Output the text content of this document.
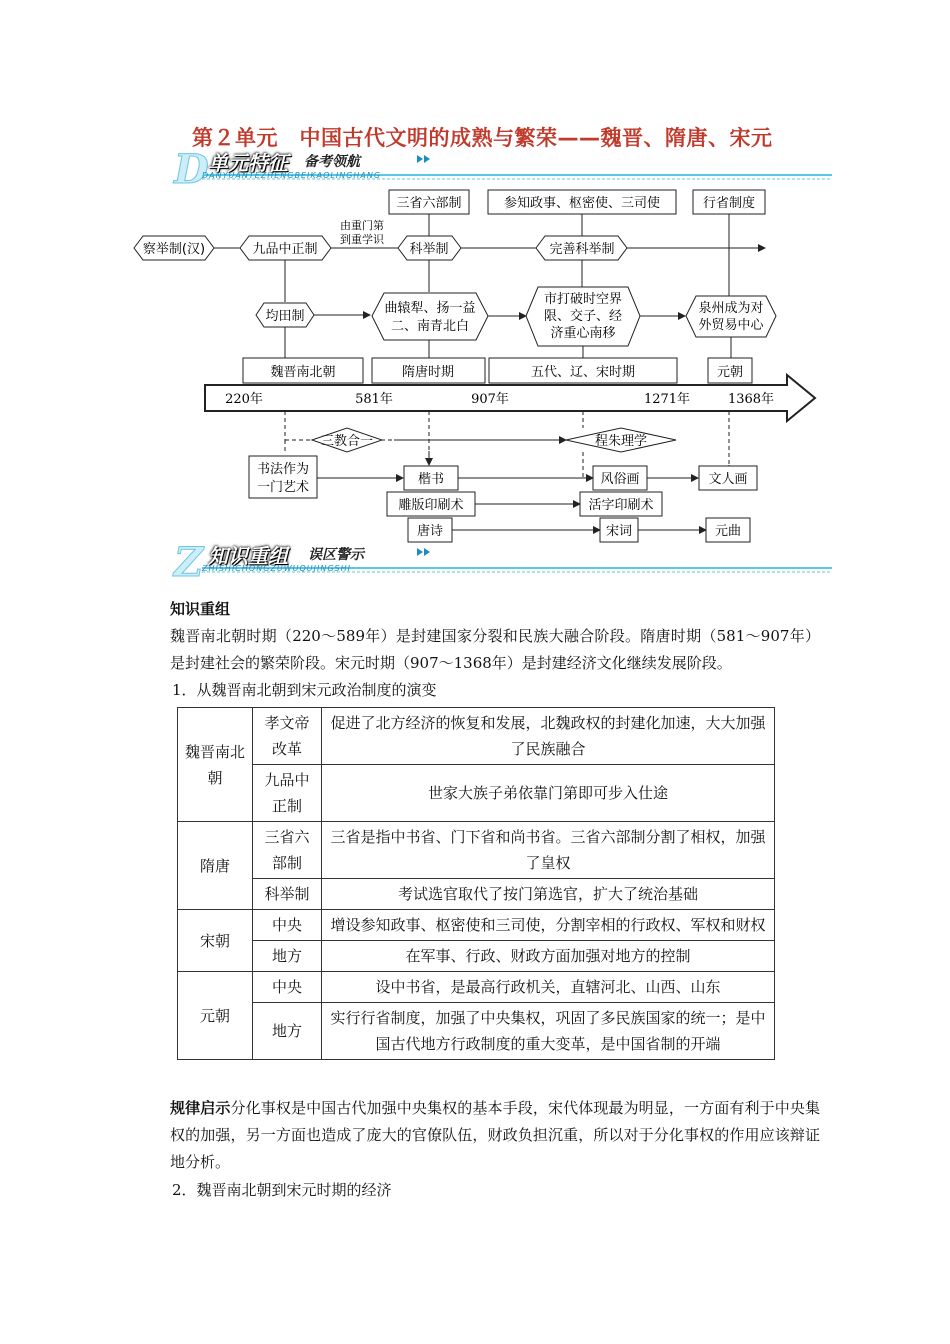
第２单元　中国古代文明的成熟与繁荣——魏晋、隋唐、宋元
D 单元特征 备考领航
DANYUANTEZHENGBEIKAOLINGHANG
三省六部制	参知政事、枢密使、三司使	行省制度
察举制(汉)	九品中正制	科举制	完善科举制
由重门第
到重学识
均田制
曲辕犁、扬一益
二、南青北白
市打破时空界
限、交子、经
济重心南移
泉州成为对
外贸易中心
魏晋南北朝	隋唐时期	五代、辽、宋时期	元朝
220年	581年	907年	1271年	1368年
三教合一	程朱理学
书法作为
一门艺术
楷书	风俗画	文人画
雕版印刷术	活字印刷术
唐诗	宋词	元曲
Z 知识重组 误区警示
ZHISHICHONGZUWUQUJINGSHI
知识重组
魏晋南北朝时期（220～589年）是封建国家分裂和民族大融合阶段。隋唐时期（581～907年）是封建社会的繁荣阶段。宋元时期（907～1368年）是封建经济文化继续发展阶段。
1．从魏晋南北朝到宋元政治制度的演变
魏晋南北朝	孝文帝改革	促进了北方经济的恢复和发展，北魏政权的封建化加速，大大加强了民族融合
	九品中正制	世家大族子弟依靠门第即可步入仕途
隋唐	三省六部制	三省是指中书省、门下省和尚书省。三省六部制分割了相权，加强了皇权
	科举制	考试选官取代了按门第选官，扩大了统治基础
宋朝	中央	增设参知政事、枢密使和三司使，分割宰相的行政权、军权和财权
	地方	在军事、行政、财政方面加强对地方的控制
元朝	中央	设中书省，是最高行政机关，直辖河北、山西、山东
	地方	实行行省制度，加强了中央集权，巩固了多民族国家的统一；是中国古代地方行政制度的重大变革，是中国省制的开端
规律启示分化事权是中国古代加强中央集权的基本手段，宋代体现最为明显，一方面有利于中央集权的加强，另一方面也造成了庞大的官僚队伍，财政负担沉重，所以对于分化事权的作用应该辩证地分析。
2．魏晋南北朝到宋元时期的经济
